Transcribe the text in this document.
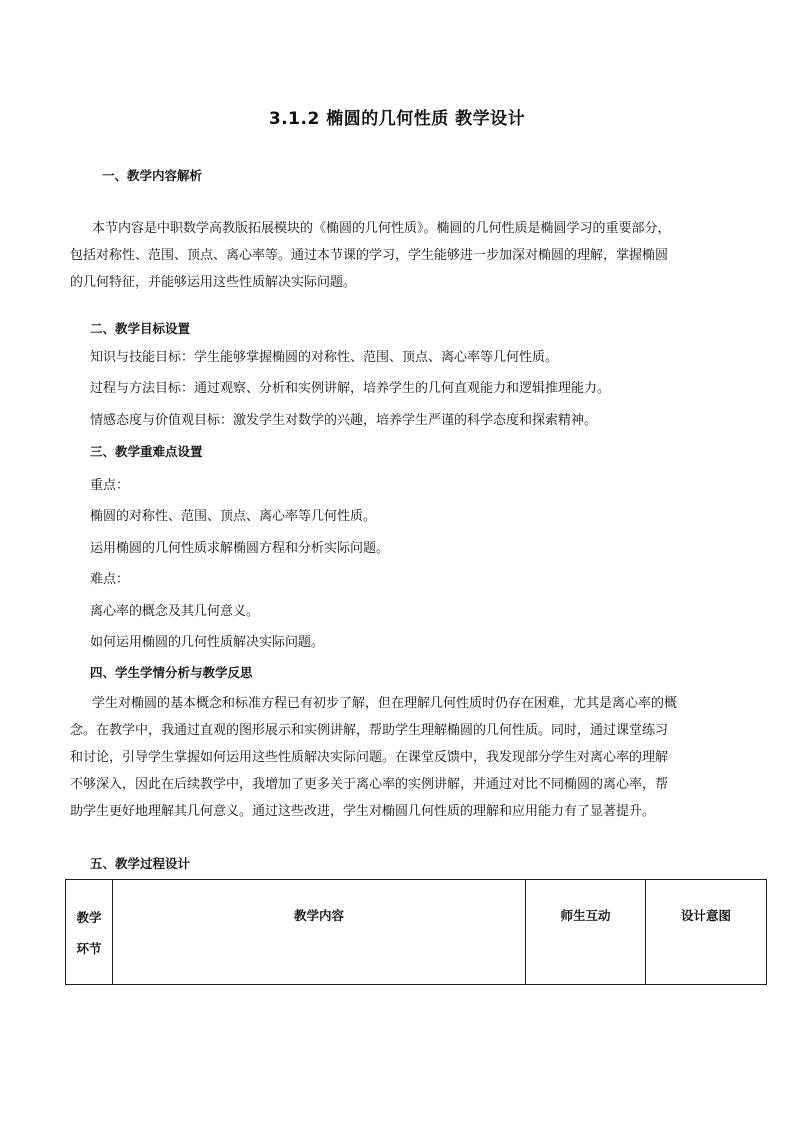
3.1.2 椭圆的几何性质 教学设计
一、教学内容解析
本节内容是中职数学高教版拓展模块的《椭圆的几何性质》。椭圆的几何性质是椭圆学习的重要部分，
包括对称性、范围、顶点、离心率等。通过本节课的学习，学生能够进一步加深对椭圆的理解，掌握椭圆
的几何特征，并能够运用这些性质解决实际问题。
二、教学目标设置
知识与技能目标：学生能够掌握椭圆的对称性、范围、顶点、离心率等几何性质。
过程与方法目标：通过观察、分析和实例讲解，培养学生的几何直观能力和逻辑推理能力。
情感态度与价值观目标：激发学生对数学的兴趣，培养学生严谨的科学态度和探索精神。
三、教学重难点设置
重点：
椭圆的对称性、范围、顶点、离心率等几何性质。
运用椭圆的几何性质求解椭圆方程和分析实际问题。
难点：
离心率的概念及其几何意义。
如何运用椭圆的几何性质解决实际问题。
四、学生学情分析与教学反思
学生对椭圆的基本概念和标准方程已有初步了解，但在理解几何性质时仍存在困难，尤其是离心率的概
念。在教学中，我通过直观的图形展示和实例讲解，帮助学生理解椭圆的几何性质。同时，通过课堂练习
和讨论，引导学生掌握如何运用这些性质解决实际问题。在课堂反馈中，我发现部分学生对离心率的理解
不够深入，因此在后续教学中，我增加了更多关于离心率的实例讲解，并通过对比不同椭圆的离心率，帮
助学生更好地理解其几何意义。通过这些改进，学生对椭圆几何性质的理解和应用能力有了显著提升。
五、教学过程设计
教学
环节	教学内容	师生互动	设计意图
